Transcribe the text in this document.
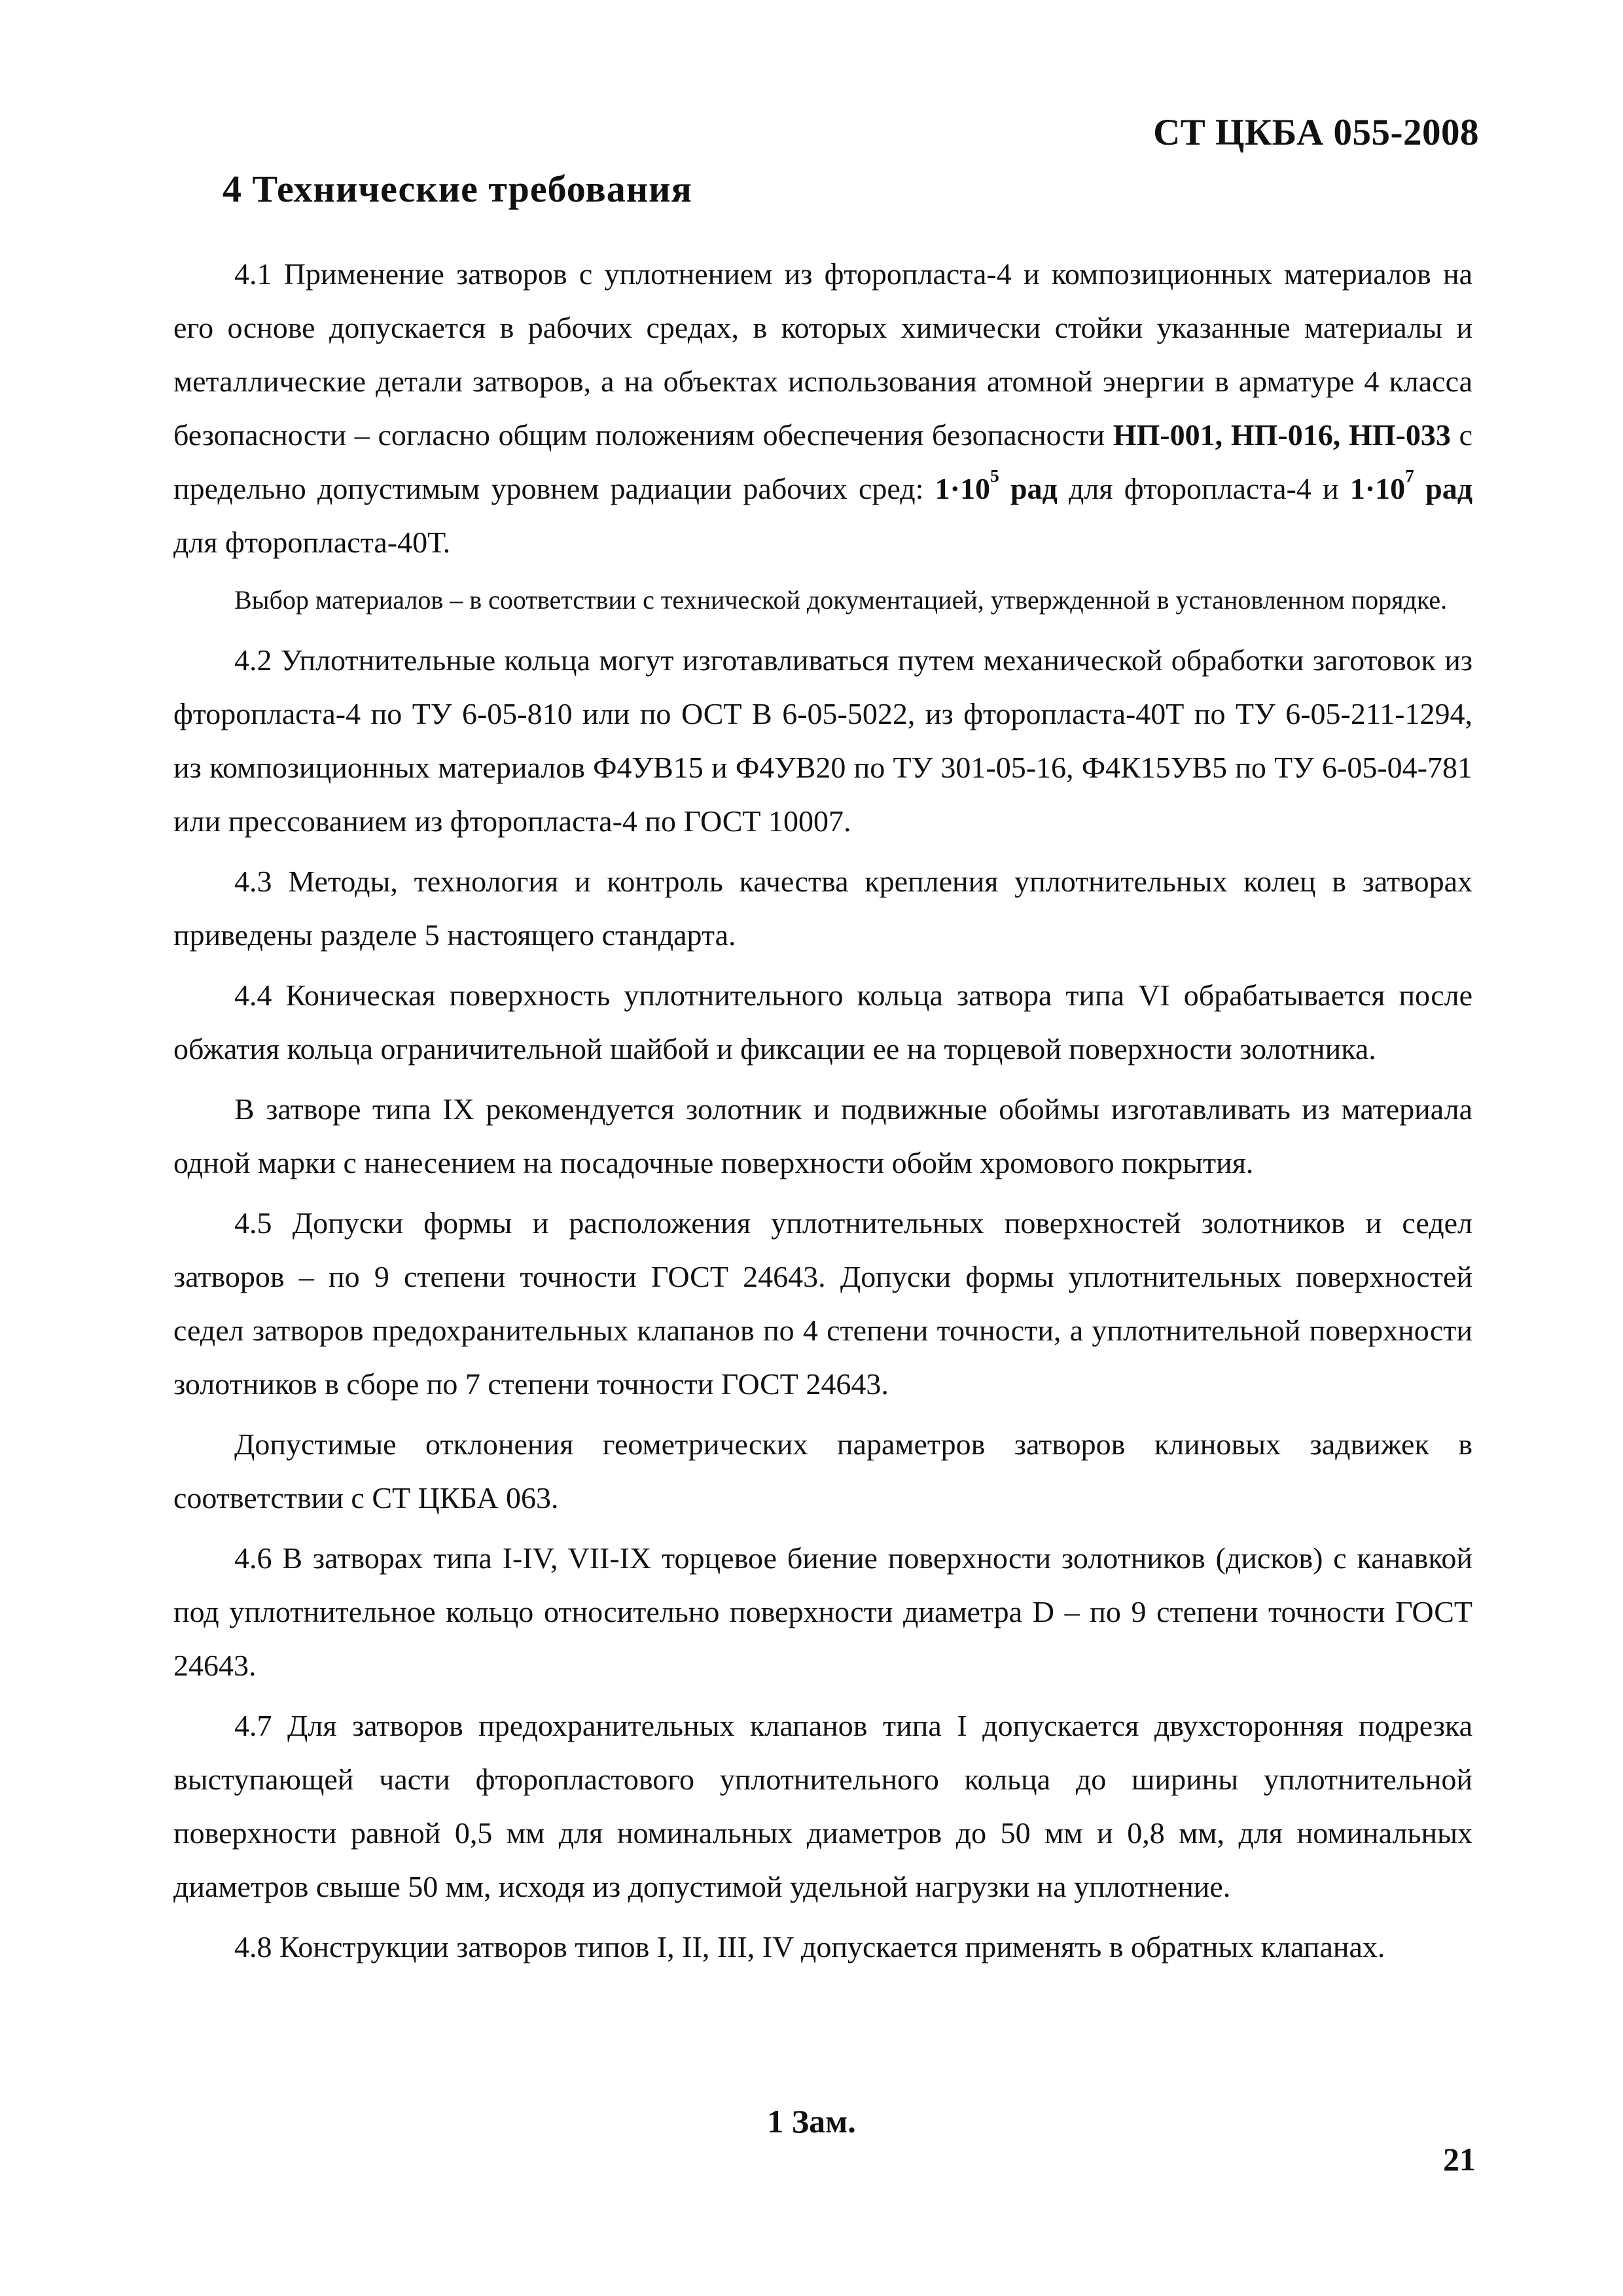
СТ ЦКБА 055-2008
4 Технические требования

4.1 Применение затворов с уплотнением из фторопласта-4 и композиционных материалов на его основе допускается в рабочих средах, в которых химически стойки указанные материалы и металлические детали затворов, а на объектах использования атомной энергии в арматуре 4 класса безопасности – согласно общим положениям обеспечения безопасности НП-001, НП-016, НП-033 с предельно допустимым уровнем радиации рабочих сред: $1\cdot 10^5$ рад для фторопласта-4 и $1\cdot 10^7$ рад для фторопласта-40Т.

Выбор материалов – в соответствии с технической документацией, утвержденной в установленном порядке.

4.2 Уплотнительные кольца могут изготавливаться путем механической обработки заготовок из фторопласта-4 по ТУ 6-05-810 или по ОСТ В 6-05-5022, из фторопласта-40Т по ТУ 6-05-211-1294, из композиционных материалов Ф4УВ15 и Ф4УВ20 по ТУ 301-05-16, Ф4К15УВ5 по ТУ 6-05-04-781 или прессованием из фторопласта-4 по ГОСТ 10007.

4.3 Методы, технология и контроль качества крепления уплотнительных колец в затворах приведены разделе 5 настоящего стандарта.

4.4 Коническая поверхность уплотнительного кольца затвора типа VI обрабатывается после обжатия кольца ограничительной шайбой и фиксации ее на торцевой поверхности золотника.

В затворе типа IX рекомендуется золотник и подвижные обоймы изготавливать из материала одной марки с нанесением на посадочные поверхности обойм хромового покрытия.

4.5 Допуски формы и расположения уплотнительных поверхностей золотников и седел затворов – по 9 степени точности ГОСТ 24643. Допуски формы уплотнительных поверхностей седел затворов предохранительных клапанов по 4 степени точности, а уплотнительной поверхности золотников в сборе по 7 степени точности ГОСТ 24643.

Допустимые отклонения геометрических параметров затворов клиновых задвижек в соответствии с СТ ЦКБА 063.

4.6 В затворах типа I-IV, VII-IX торцевое биение поверхности золотников (дисков) с канавкой под уплотнительное кольцо относительно поверхности диаметра D – по 9 степени точности ГОСТ 24643.

4.7 Для затворов предохранительных клапанов типа I допускается двухсторонняя подрезка выступающей части фторопластового уплотнительного кольца до ширины уплотнительной поверхности равной 0,5 мм для номинальных диаметров до 50 мм и 0,8 мм, для номинальных диаметров свыше 50 мм, исходя из допустимой удельной нагрузки на уплотнение.

4.8 Конструкции затворов типов I, II, III, IV допускается применять в обратных клапанах.

1 Зам.
21
